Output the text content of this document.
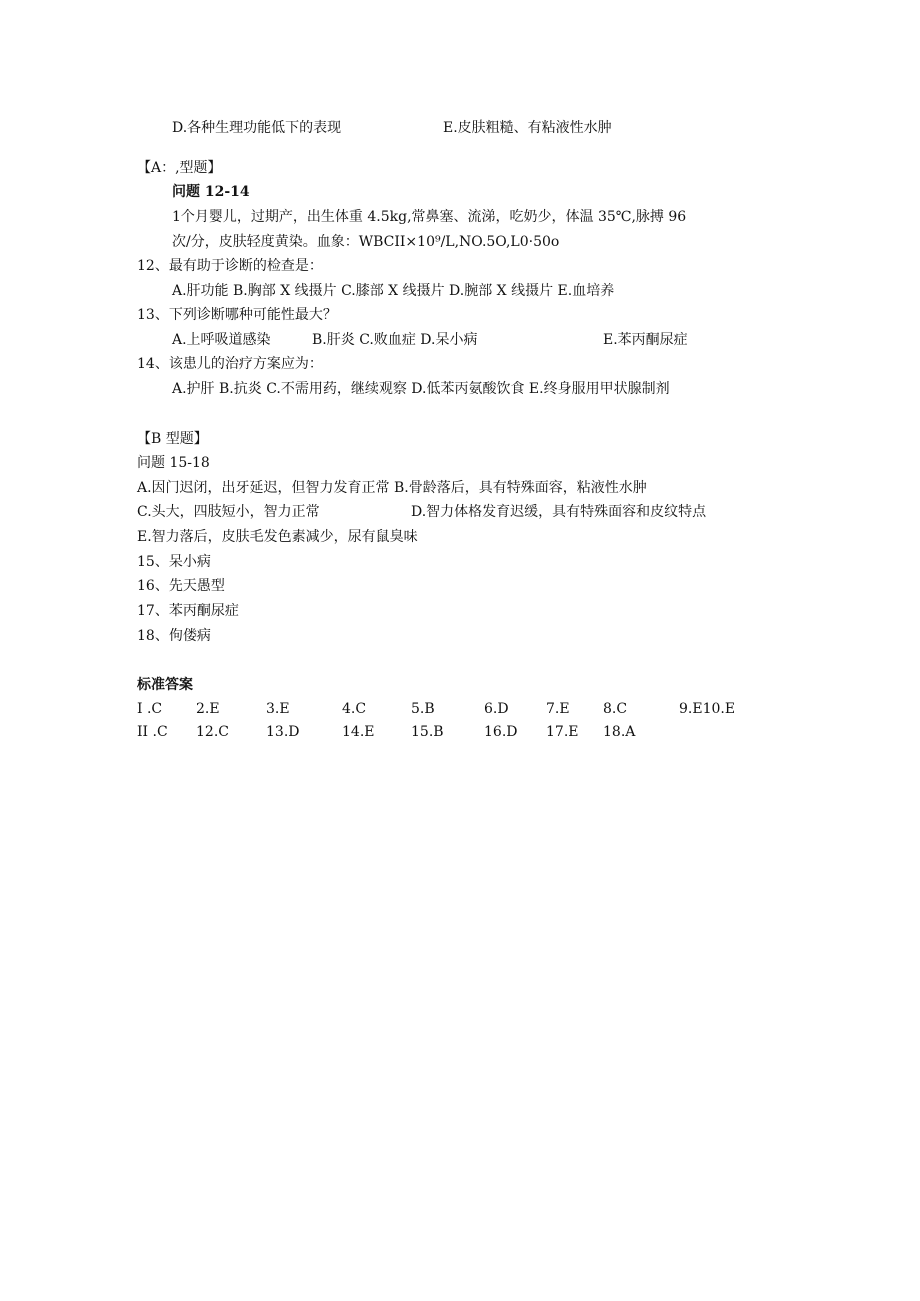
D.各种生理功能低下的表现	E.皮肤粗糙、有粘液性水肿
【A：,型题】
问题 12-14
1个月婴儿，过期产，出生体重 4.5kg,常鼻塞、流涕，吃奶少，体温 35℃,脉搏 96
次/分，皮肤轻度黄染。血象：WBCII×10⁹/L,NO.5O,L0·50o
12、最有助于诊断的检查是：
A.肝功能 B.胸部 X 线摄片 C.膝部 X 线摄片 D.腕部 X 线摄片 E.血培养
13、下列诊断哪种可能性最大？
A.上呼吸道感染	B.肝炎 C.败血症 D.呆小病	E.苯丙酮尿症
14、该患儿的治疗方案应为：
A.护肝 B.抗炎 C.不需用药，继续观察 D.低苯丙氨酸饮食 E.终身服用甲状腺制剂
【B 型题】
问题 15-18
A.因门迟闭，出牙延迟，但智力发育正常 B.骨龄落后，具有特殊面容，粘液性水肿
C.头大，四肢短小，智力正常	D.智力体格发育迟缓，具有特殊面容和皮纹特点
E.智力落后，皮肤毛发色素减少，尿有鼠臭味
15、呆小病
16、先天愚型
17、苯丙酮尿症
18、佝偻病
标准答案
I .C 2.E	3.E	4.C	5.B	6.D	7.E 8.C	9.E10.E
II .C 12.C	13.D	14.E	15.B	16.D 17.E 18.A
